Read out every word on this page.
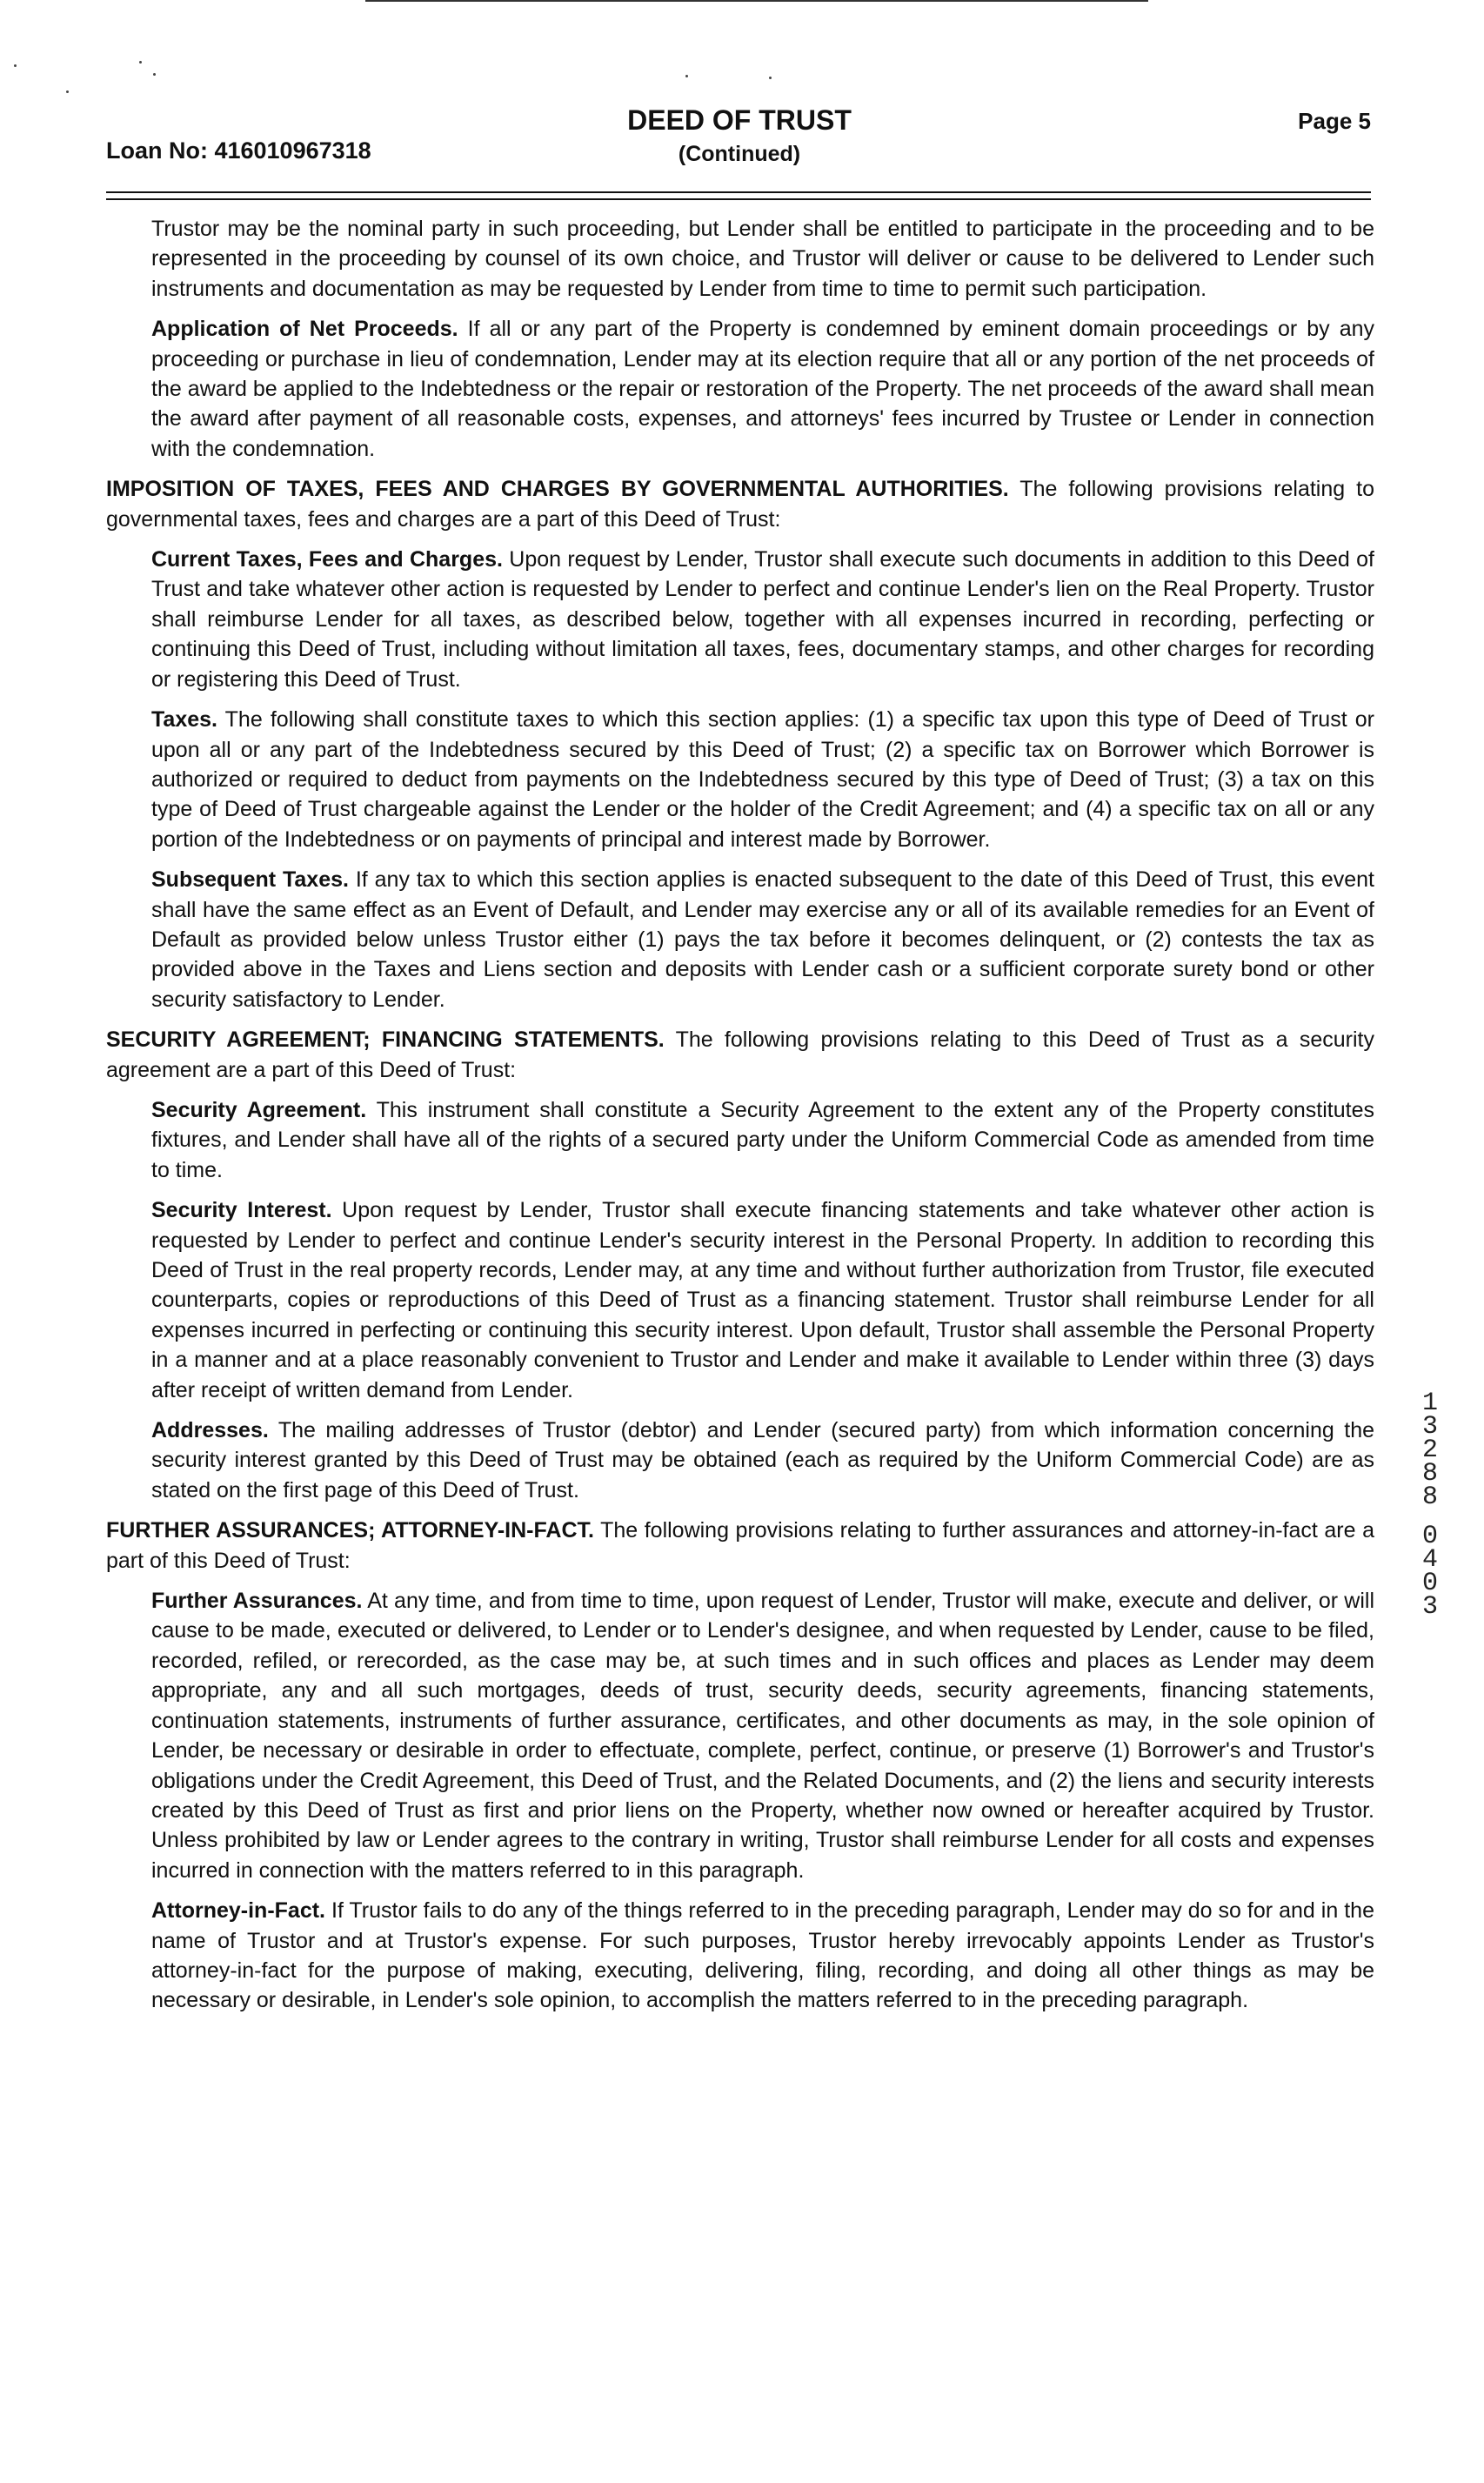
Loan No: 416010967318
DEED OF TRUST
(Continued)
Page 5

Trustor may be the nominal party in such proceeding, but Lender shall be entitled to participate in the proceeding and to be represented in the proceeding by counsel of its own choice, and Trustor will deliver or cause to be delivered to Lender such instruments and documentation as may be requested by Lender from time to time to permit such participation.

Application of Net Proceeds. If all or any part of the Property is condemned by eminent domain proceedings or by any proceeding or purchase in lieu of condemnation, Lender may at its election require that all or any portion of the net proceeds of the award be applied to the Indebtedness or the repair or restoration of the Property. The net proceeds of the award shall mean the award after payment of all reasonable costs, expenses, and attorneys' fees incurred by Trustee or Lender in connection with the condemnation.

IMPOSITION OF TAXES, FEES AND CHARGES BY GOVERNMENTAL AUTHORITIES. The following provisions relating to governmental taxes, fees and charges are a part of this Deed of Trust:

Current Taxes, Fees and Charges. Upon request by Lender, Trustor shall execute such documents in addition to this Deed of Trust and take whatever other action is requested by Lender to perfect and continue Lender's lien on the Real Property. Trustor shall reimburse Lender for all taxes, as described below, together with all expenses incurred in recording, perfecting or continuing this Deed of Trust, including without limitation all taxes, fees, documentary stamps, and other charges for recording or registering this Deed of Trust.

Taxes. The following shall constitute taxes to which this section applies: (1) a specific tax upon this type of Deed of Trust or upon all or any part of the Indebtedness secured by this Deed of Trust; (2) a specific tax on Borrower which Borrower is authorized or required to deduct from payments on the Indebtedness secured by this type of Deed of Trust; (3) a tax on this type of Deed of Trust chargeable against the Lender or the holder of the Credit Agreement; and (4) a specific tax on all or any portion of the Indebtedness or on payments of principal and interest made by Borrower.

Subsequent Taxes. If any tax to which this section applies is enacted subsequent to the date of this Deed of Trust, this event shall have the same effect as an Event of Default, and Lender may exercise any or all of its available remedies for an Event of Default as provided below unless Trustor either (1) pays the tax before it becomes delinquent, or (2) contests the tax as provided above in the Taxes and Liens section and deposits with Lender cash or a sufficient corporate surety bond or other security satisfactory to Lender.

SECURITY AGREEMENT; FINANCING STATEMENTS. The following provisions relating to this Deed of Trust as a security agreement are a part of this Deed of Trust:

Security Agreement. This instrument shall constitute a Security Agreement to the extent any of the Property constitutes fixtures, and Lender shall have all of the rights of a secured party under the Uniform Commercial Code as amended from time to time.

Security Interest. Upon request by Lender, Trustor shall execute financing statements and take whatever other action is requested by Lender to perfect and continue Lender's security interest in the Personal Property. In addition to recording this Deed of Trust in the real property records, Lender may, at any time and without further authorization from Trustor, file executed counterparts, copies or reproductions of this Deed of Trust as a financing statement. Trustor shall reimburse Lender for all expenses incurred in perfecting or continuing this security interest. Upon default, Trustor shall assemble the Personal Property in a manner and at a place reasonably convenient to Trustor and Lender and make it available to Lender within three (3) days after receipt of written demand from Lender.

Addresses. The mailing addresses of Trustor (debtor) and Lender (secured party) from which information concerning the security interest granted by this Deed of Trust may be obtained (each as required by the Uniform Commercial Code) are as stated on the first page of this Deed of Trust.

FURTHER ASSURANCES; ATTORNEY-IN-FACT. The following provisions relating to further assurances and attorney-in-fact are a part of this Deed of Trust:

Further Assurances. At any time, and from time to time, upon request of Lender, Trustor will make, execute and deliver, or will cause to be made, executed or delivered, to Lender or to Lender's designee, and when requested by Lender, cause to be filed, recorded, refiled, or rerecorded, as the case may be, at such times and in such offices and places as Lender may deem appropriate, any and all such mortgages, deeds of trust, security deeds, security agreements, financing statements, continuation statements, instruments of further assurance, certificates, and other documents as may, in the sole opinion of Lender, be necessary or desirable in order to effectuate, complete, perfect, continue, or preserve (1) Borrower's and Trustor's obligations under the Credit Agreement, this Deed of Trust, and the Related Documents, and (2) the liens and security interests created by this Deed of Trust as first and prior liens on the Property, whether now owned or hereafter acquired by Trustor. Unless prohibited by law or Lender agrees to the contrary in writing, Trustor shall reimburse Lender for all costs and expenses incurred in connection with the matters referred to in this paragraph.

Attorney-in-Fact. If Trustor fails to do any of the things referred to in the preceding paragraph, Lender may do so for and in the name of Trustor and at Trustor's expense. For such purposes, Trustor hereby irrevocably appoints Lender as Trustor's attorney-in-fact for the purpose of making, executing, delivering, filing, recording, and doing all other things as may be necessary or desirable, in Lender's sole opinion, to accomplish the matters referred to in the preceding paragraph.

1
3
2
8
8
0
4
0
3
